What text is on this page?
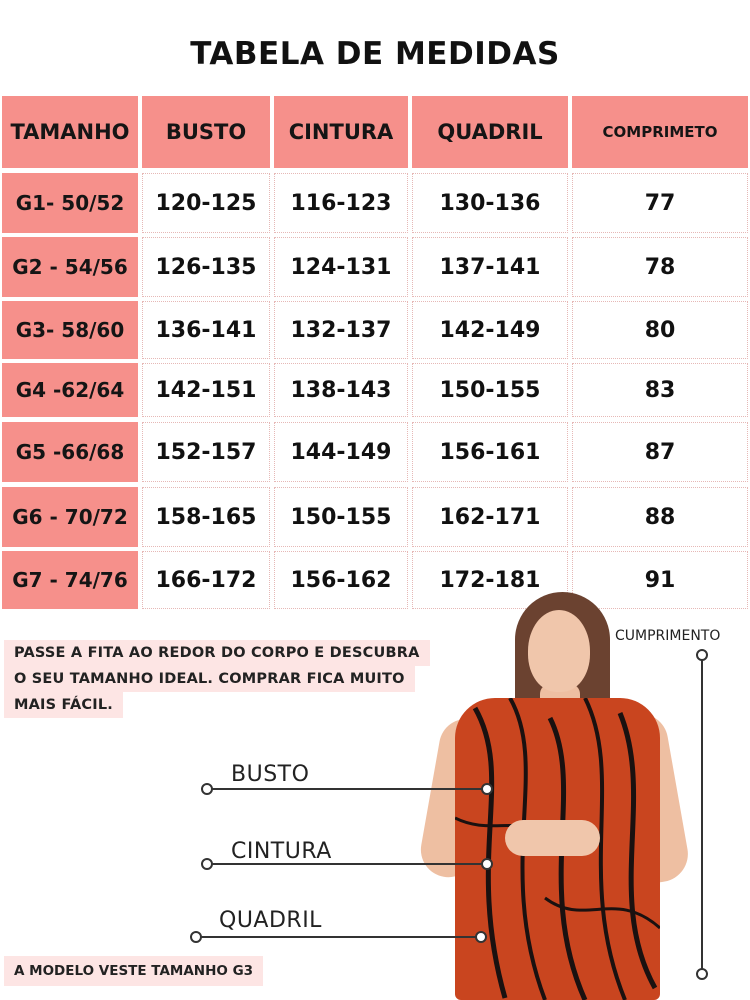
TABELA DE MEDIDAS
TAMANHO	BUSTO	CINTURA	QUADRIL	COMPRIMETO
G1- 50/52	120-125	116-123	130-136	77
G2 - 54/56	126-135	124-131	137-141	78
G3- 58/60	136-141	132-137	142-149	80
G4 -62/64	142-151	138-143	150-155	83
G5 -66/68	152-157	144-149	156-161	87
G6 - 70/72	158-165	150-155	162-171	88
G7 - 74/76	166-172	156-162	172-181	91
PASSE A FITA AO REDOR DO CORPO E DESCUBRA
O SEU TAMANHO IDEAL. COMPRAR FICA MUITO
MAIS FÁCIL.
BUSTO
CINTURA
QUADRIL
CUMPRIMENTO
A MODELO VESTE TAMANHO G3
